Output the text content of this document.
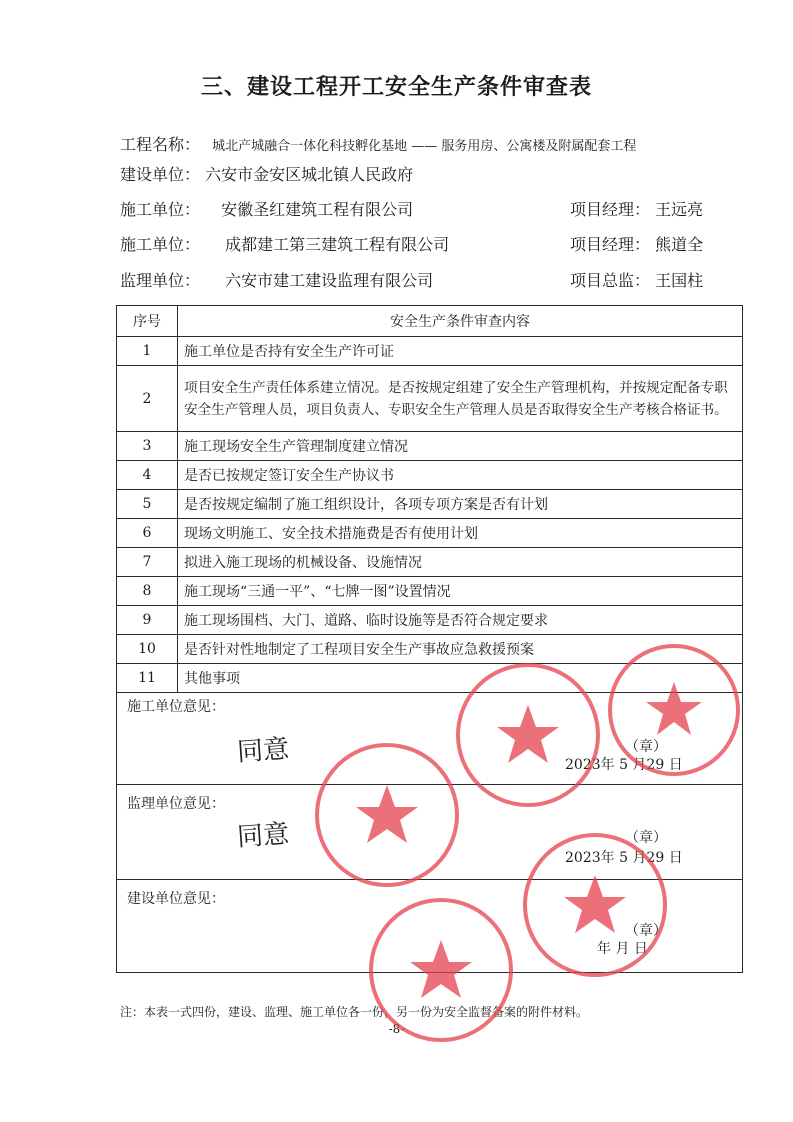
三、建设工程开工安全生产条件审查表
工程名称： 城北产城融合一体化科技孵化基地 —— 服务用房、公寓楼及附属配套工程
建设单位： 六安市金安区城北镇人民政府
施工单位： 安徽圣红建筑工程有限公司	项目经理： 王远亮
施工单位： 成都建工第三建筑工程有限公司	项目经理： 熊道全
监理单位： 六安市建工建设监理有限公司	项目总监： 王国柱
序号	安全生产条件审查内容
1	施工单位是否持有安全生产许可证
2	项目安全生产责任体系建立情况。是否按规定组建了安全生产管理机构，并按规定配备专职安全生产管理人员，项目负责人、专职安全生产管理人员是否取得安全生产考核合格证书。
3	施工现场安全生产管理制度建立情况
4	是否已按规定签订安全生产协议书
5	是否按规定编制了施工组织设计，各项专项方案是否有计划
6	现场文明施工、安全技术措施费是否有使用计划
7	拟进入施工现场的机械设备、设施情况
8	施工现场“三通一平”、“七牌一图”设置情况
9	施工现场围档、大门、道路、临时设施等是否符合规定要求
10	是否针对性地制定了工程项目安全生产事故应急救援预案
11	其他事项
施工单位意见：
同意	（章）
2023年 5 月29 日
监理单位意见：
同意	（章）
2023年 5 月29 日
建设单位意见：
（章）
年 月 日
注：本表一式四份，建设、监理、施工单位各一份，另一份为安全监督备案的附件材料。
-8-
